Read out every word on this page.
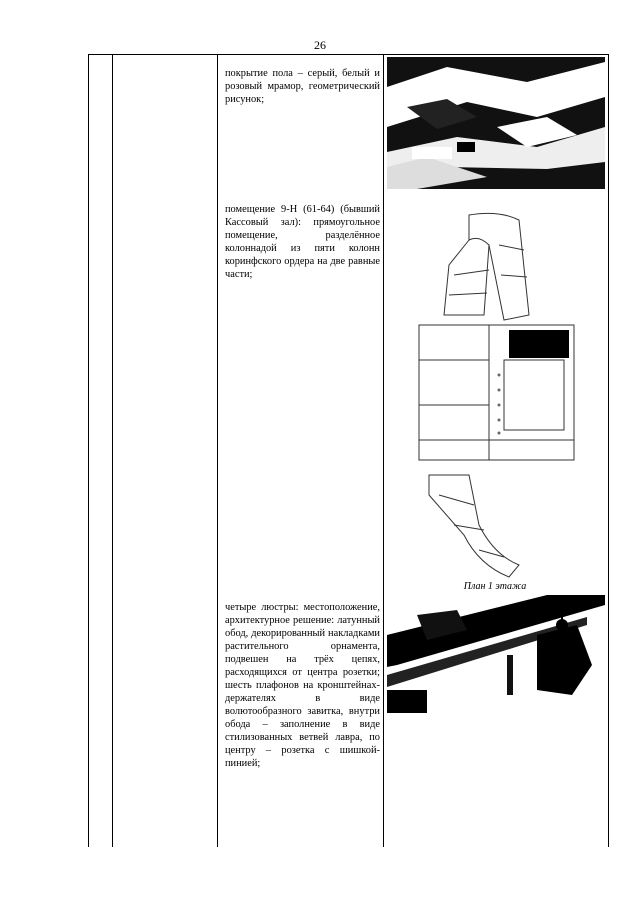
26
покрытие пола – серый, белый и розовый мрамор, геометрический рисунок;
помещение 9-Н (61-64) (бывший Кассовый зал): прямоугольное помещение, разделённое колоннадой из пяти колонн коринфского ордера на две равные части;
План 1 этажа
четыре люстры: местоположение, архитектурное решение: латунный обод, декорированный накладками растительного орнамента, подвешен на трёх цепях, расходящихся от центра розетки; шесть плафонов на кронштейнах-держателях в виде волютообразного завитка, внутри обода – заполнение в виде стилизованных ветвей лавра, по центру – розетка с шишкой-пинией;
